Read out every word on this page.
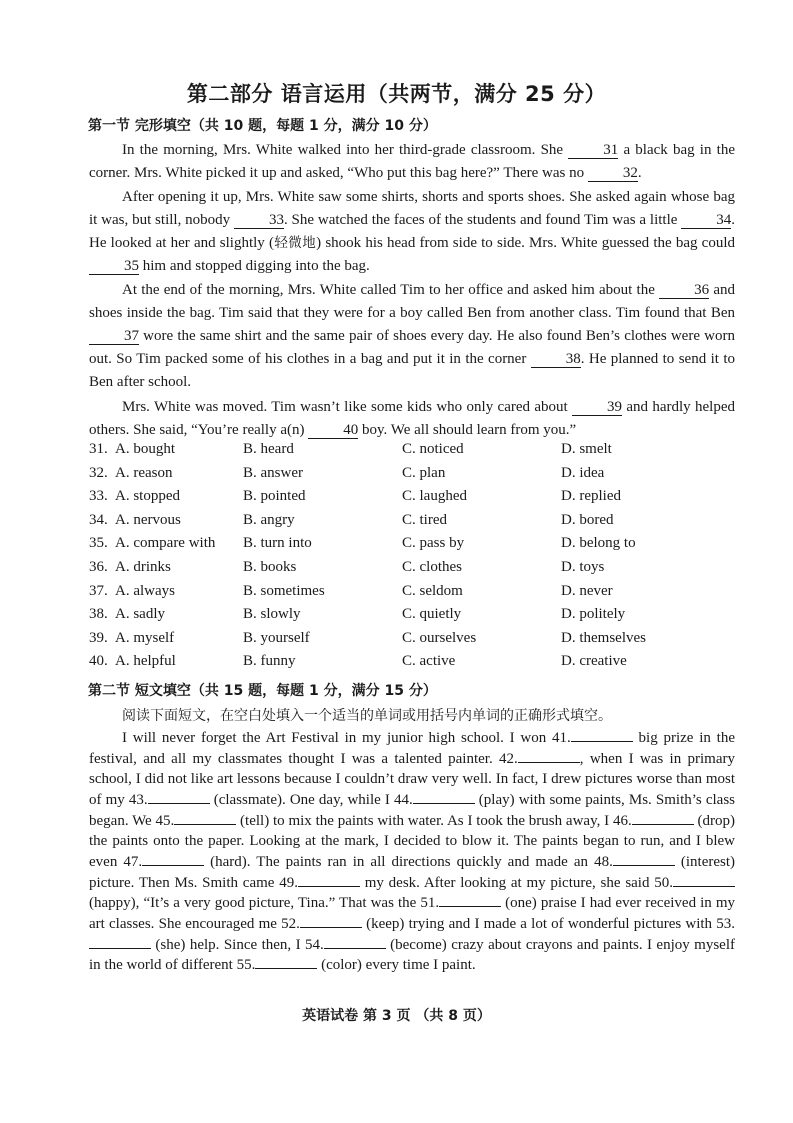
第二部分 语言运用（共两节，满分 25 分）
第一节 完形填空（共 10 题，每题 1 分，满分 10 分）
In the morning, Mrs. White walked into her third-grade classroom. She 31 a black bag in the corner. Mrs. White picked it up and asked, “Who put this bag here?” There was no 32.
After opening it up, Mrs. White saw some shirts, shorts and sports shoes. She asked again whose bag it was, but still, nobody 33. She watched the faces of the students and found Tim was a little 34. He looked at her and slightly (轻微地) shook his head from side to side. Mrs. White guessed the bag could 35 him and stopped digging into the bag.
At the end of the morning, Mrs. White called Tim to her office and asked him about the 36 and shoes inside the bag. Tim said that they were for a boy called Ben from another class. Tim found that Ben 37 wore the same shirt and the same pair of shoes every day. He also found Ben’s clothes were worn out. So Tim packed some of his clothes in a bag and put it in the corner 38. He planned to send it to Ben after school.
Mrs. White was moved. Tim wasn’t like some kids who only cared about 39 and hardly helped others. She said, “You’re really a(n) 40 boy. We all should learn from you.”
31. A. bought	B. heard	C. noticed	D. smelt
32. A. reason	B. answer	C. plan	D. idea
33. A. stopped	B. pointed	C. laughed	D. replied
34. A. nervous	B. angry	C. tired	D. bored
35. A. compare with B. turn into	C. pass by	D. belong to
36. A. drinks	B. books	C. clothes	D. toys
37. A. always	B. sometimes	C. seldom	D. never
38. A. sadly	B. slowly	C. quietly	D. politely
39. A. myself	B. yourself	C. ourselves	D. themselves
40. A. helpful	B. funny	C. active	D. creative
第二节 短文填空（共 15 题，每题 1 分，满分 15 分）
阅读下面短文，在空白处填入一个适当的单词或用括号内单词的正确形式填空。
I will never forget the Art Festival in my junior high school. I won 41.	big prize in the festival, and all my classmates thought I was a talented painter. 42.	, when I was in primary school, I did not like art lessons because I couldn’t draw very well. In fact, I drew pictures worse than most of my 43.	(classmate). One day, while I 44.	(play) with some paints, Ms. Smith’s class began. We 45.	(tell) to mix the paints with water. As I took the brush away, I 46.	(drop) the paints onto the paper. Looking at the mark, I decided to blow it. The paints began to run, and I blew even 47.	(hard). The paints ran in all directions quickly and made an 48.	(interest) picture. Then Ms. Smith came 49.	my desk. After looking at my picture, she said 50. (happy), “It’s a very good picture, Tina.” That was the 51.	(one) praise I had ever received in my art classes. She encouraged me 52.	(keep) trying and I made a lot of wonderful pictures with 53. (she) help. Since then, I 54.	(become) crazy about crayons and paints. I enjoy myself in the world of different 55.	(color) every time I paint.
英语试卷 第 3 页 （共 8 页）
